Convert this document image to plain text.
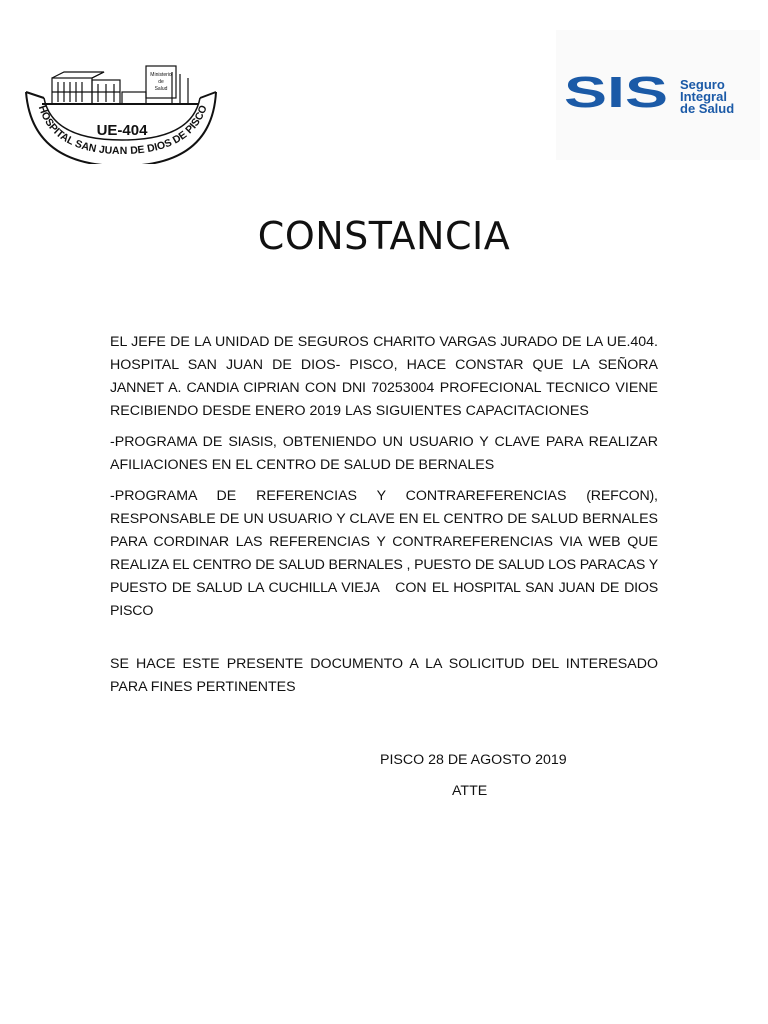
Ministerio
de
Salud
UE-404
HOSPITAL SAN JUAN DE DIOS DE PISCO	SIS Seguro
Integral
de Salud
CONSTANCIA

EL JEFE DE LA UNIDAD DE SEGUROS CHARITO VARGAS JURADO DE LA UE.404. HOSPITAL SAN JUAN DE DIOS- PISCO, HACE CONSTAR QUE LA SEÑORA JANNET A. CANDIA CIPRIAN CON DNI 70253004 PROFECIONAL TECNICO VIENE RECIBIENDO DESDE ENERO 2019 LAS SIGUIENTES CAPACITACIONES

-PROGRAMA DE SIASIS, OBTENIENDO UN USUARIO Y CLAVE PARA REALIZAR AFILIACIONES EN EL CENTRO DE SALUD DE BERNALES

-PROGRAMA DE REFERENCIAS Y CONTRAREFERENCIAS (REFCON), RESPONSABLE DE UN USUARIO Y CLAVE EN EL CENTRO DE SALUD BERNALES PARA CORDINAR LAS REFERENCIAS Y CONTRAREFERENCIAS VIA WEB QUE REALIZA EL CENTRO DE SALUD BERNALES , PUESTO DE SALUD LOS PARACAS Y PUESTO DE SALUD LA CUCHILLA VIEJA   CON EL HOSPITAL SAN JUAN DE DIOS PISCO

SE HACE ESTE PRESENTE DOCUMENTO A LA SOLICITUD DEL INTERESADO PARA FINES PERTINENTES

PISCO 28 DE AGOSTO 2019
ATTE
